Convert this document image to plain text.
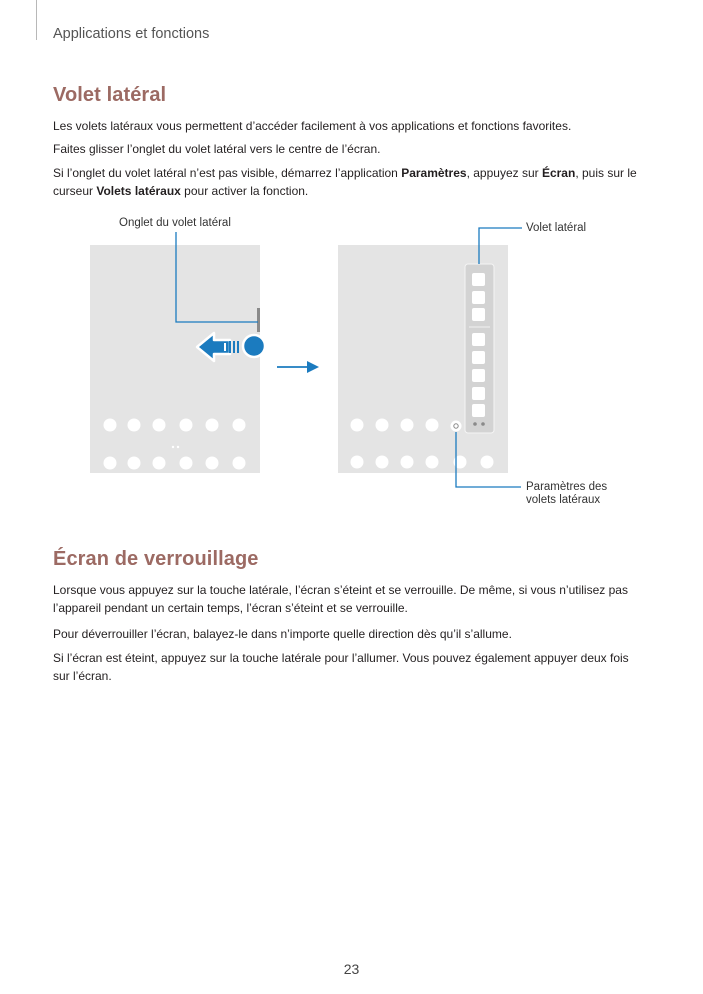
Applications et fonctions
Volet latéral

Les volets latéraux vous permettent d’accéder facilement à vos applications et fonctions favorites.

Faites glisser l’onglet du volet latéral vers le centre de l’écran.

Si l’onglet du volet latéral n’est pas visible, démarrez l’application Paramètres, appuyez sur Écran, puis sur le curseur Volets latéraux pour activer la fonction.

Onglet du volet latéral	Volet latéral
Paramètres des
volets latéraux
Écran de verrouillage

Lorsque vous appuyez sur la touche latérale, l’écran s’éteint et se verrouille. De même, si vous n’utilisez pas l’appareil pendant un certain temps, l’écran s’éteint et se verrouille.

Pour déverrouiller l’écran, balayez-le dans n’importe quelle direction dès qu’il s’allume.

Si l’écran est éteint, appuyez sur la touche latérale pour l’allumer. Vous pouvez également appuyer deux fois sur l’écran.

23
